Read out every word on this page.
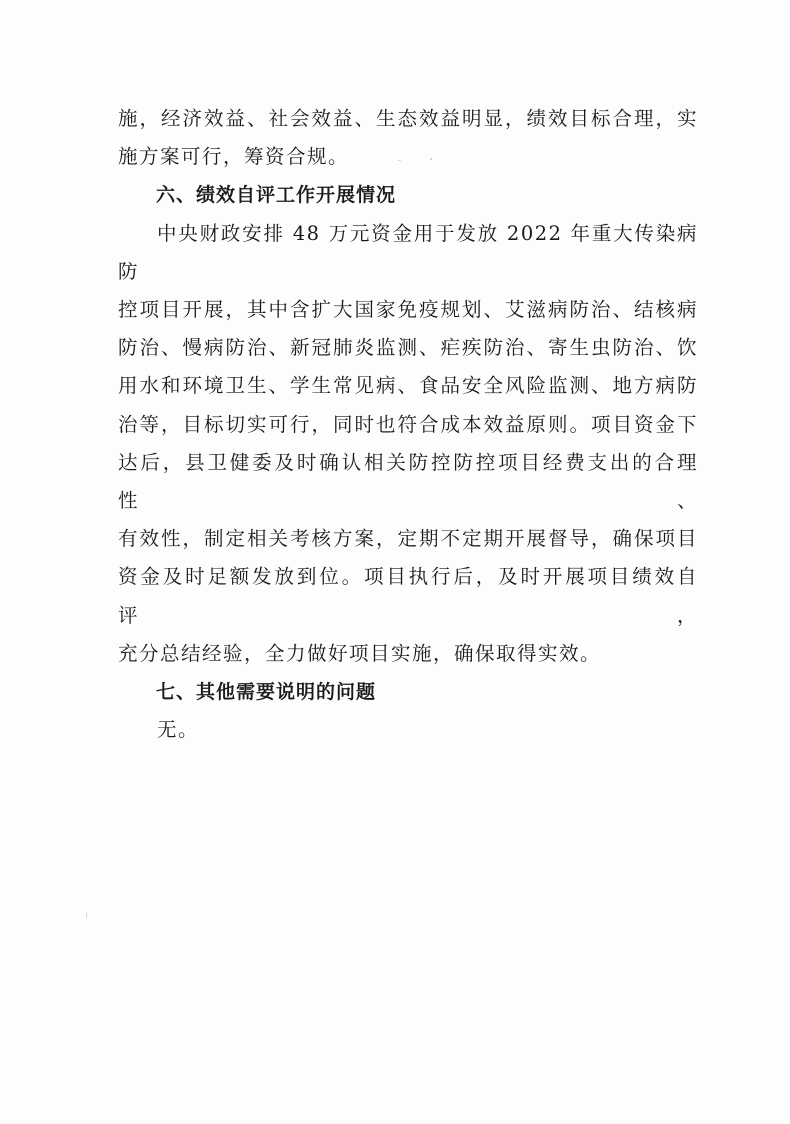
施，经济效益、社会效益、生态效益明显，绩效目标合理，实
施方案可行，筹资合规。

六、绩效自评工作开展情况

中央财政安排 48 万元资金用于发放 2022 年重大传染病防
控项目开展，其中含扩大国家免疫规划、艾滋病防治、结核病
防治、慢病防治、新冠肺炎监测、疟疾防治、寄生虫防治、饮
用水和环境卫生、学生常见病、食品安全风险监测、地方病防
治等，目标切实可行，同时也符合成本效益原则。项目资金下
达后，县卫健委及时确认相关防控防控项目经费支出的合理性、
有效性，制定相关考核方案，定期不定期开展督导，确保项目
资金及时足额发放到位。项目执行后，及时开展项目绩效自评，
充分总结经验，全力做好项目实施，确保取得实效。

七、其他需要说明的问题

无。
